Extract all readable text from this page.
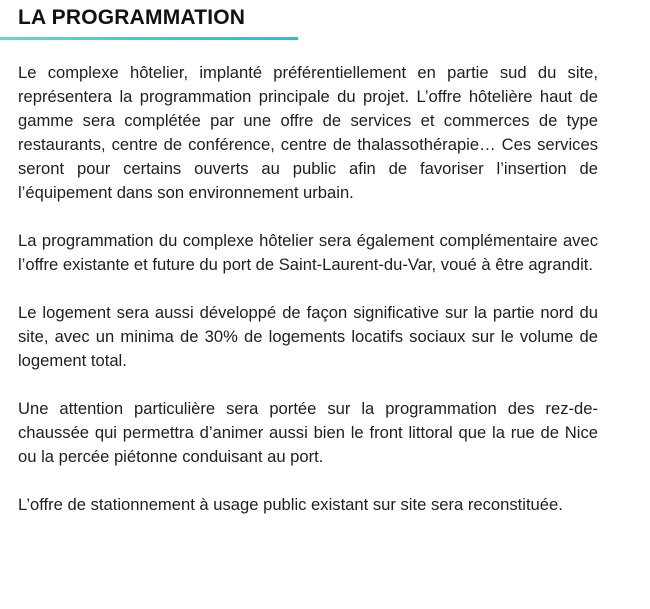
LA PROGRAMMATION

Le complexe hôtelier, implanté préférentiellement en partie sud du site, représentera la programmation principale du projet. L’offre hôtelière haut de gamme sera complétée par une offre de services et commerces de type restaurants, centre de conférence, centre de thalassothérapie… Ces services seront pour certains ouverts au public afin de favoriser l’insertion de l’équipement dans son environnement urbain.

La programmation du complexe hôtelier sera également complémentaire avec l’offre existante et future du port de Saint-Laurent-du-Var, voué à être agrandit.

Le logement sera aussi développé de façon significative sur la partie nord du site, avec un minima de 30% de logements locatifs sociaux sur le volume de logement total.

Une attention particulière sera portée sur la programmation des rez-de-chaussée qui permettra d’animer aussi bien le front littoral que la rue de Nice ou la percée piétonne conduisant au port.

L’offre de stationnement à usage public existant sur site sera reconstituée.
